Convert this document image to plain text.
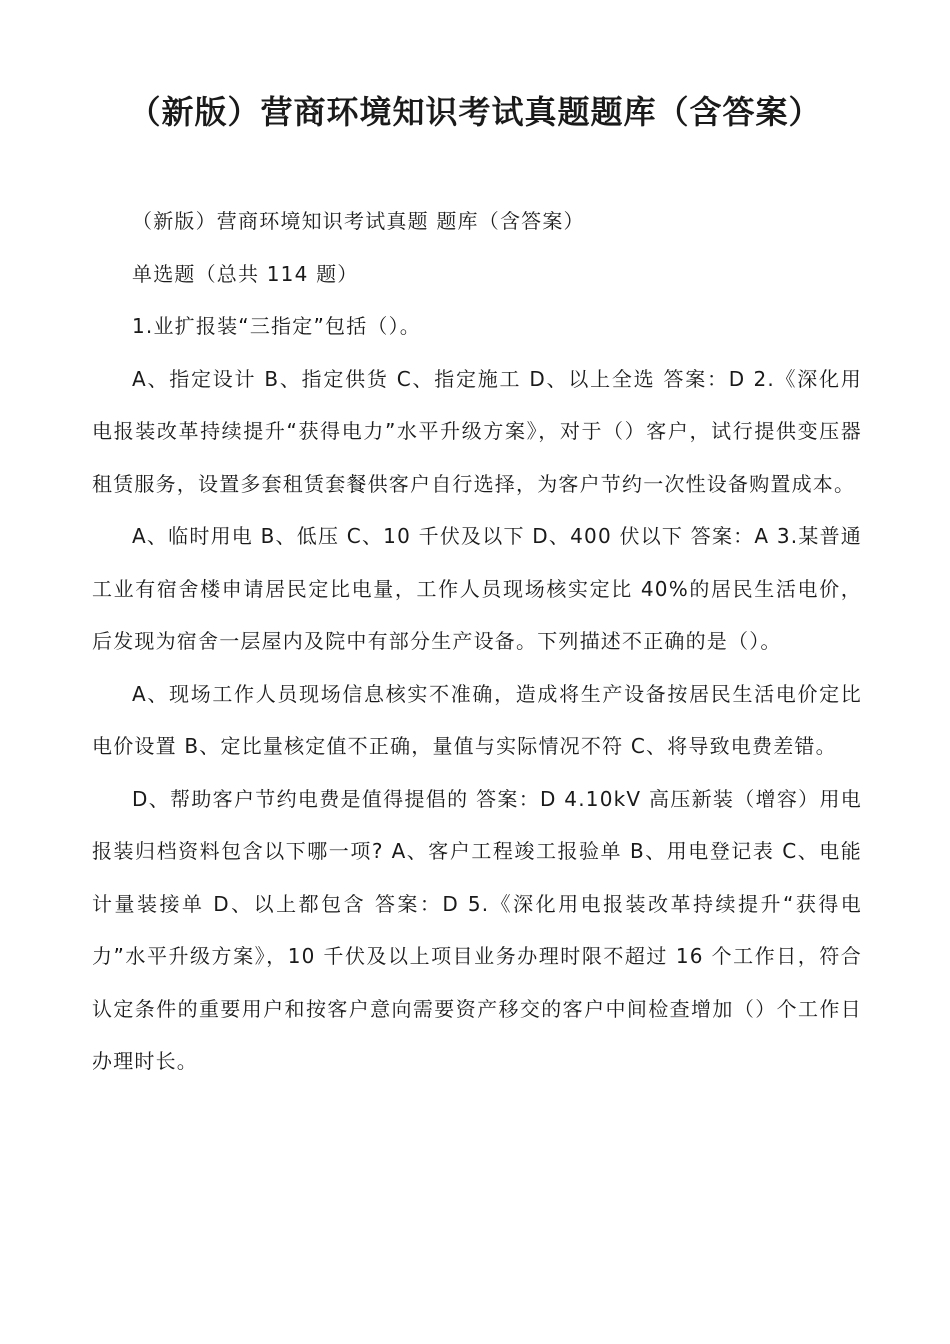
（新版）营商环境知识考试真题题库（含答案）

（新版）营商环境知识考试真题 题库（含答案）

单选题（总共 114 题）

1.业扩报装“三指定”包括（）。

A、指定设计 B、指定供货 C、指定施工 D、以上全选 答案：D 2.《深化用电报装改革持续提升“获得电力”水平升级方案》，对于（）客户，试行提供变压器租赁服务，设置多套租赁套餐供客户自行选择，为客户节约一次性设备购置成本。

A、临时用电 B、低压 C、10 千伏及以下 D、400 伏以下 答案：A 3.某普通工业有宿舍楼申请居民定比电量，工作人员现场核实定比 40%的居民生活电价，后发现为宿舍一层屋内及院中有部分生产设备。下列描述不正确的是（）。

A、现场工作人员现场信息核实不准确，造成将生产设备按居民生活电价定比电价设置 B、定比量核定值不正确，量值与实际情况不符 C、将导致电费差错。

D、帮助客户节约电费是值得提倡的 答案：D 4.10kV 高压新装（增容）用电报装归档资料包含以下哪一项? A、客户工程竣工报验单 B、用电登记表 C、电能计量装接单 D、以上都包含 答案：D 5.《深化用电报装改革持续提升“获得电力”水平升级方案》，10 千伏及以上项目业务办理时限不超过 16 个工作日，符合认定条件的重要用户和按客户意向需要资产移交的客户中间检查增加（）个工作日办理时长。
